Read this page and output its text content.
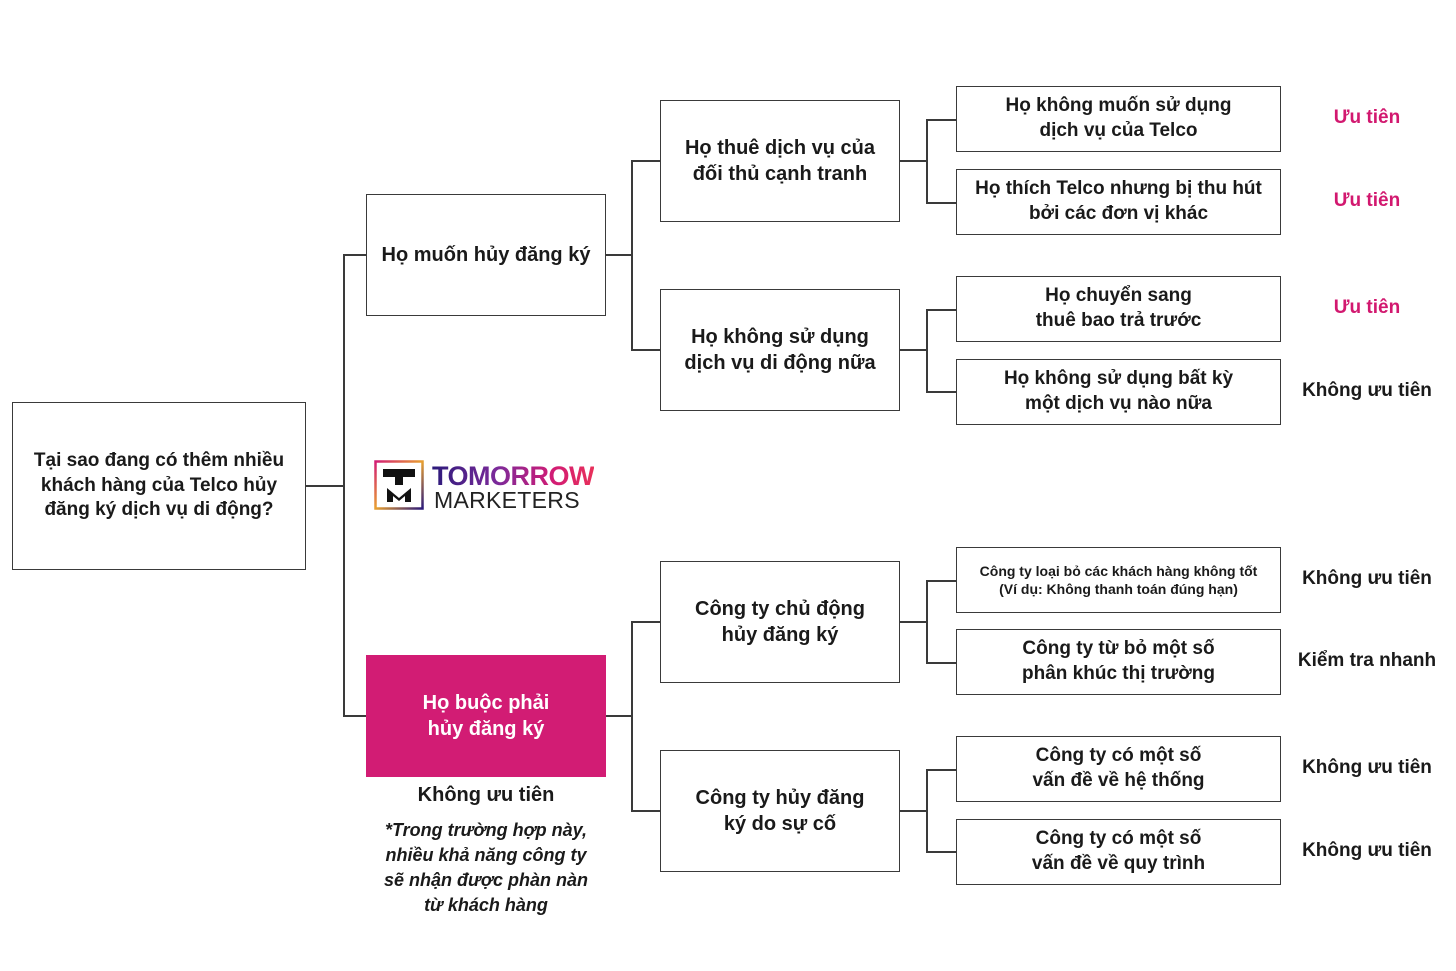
Tại sao đang có thêm nhiều
khách hàng của Telco hủy
đăng ký dịch vụ di động?
Họ muốn hủy đăng ký
Họ buộc phải
hủy đăng ký
Họ thuê dịch vụ của
đối thủ cạnh tranh
Họ không sử dụng
dịch vụ di động nữa
Công ty chủ động
hủy đăng ký
Công ty hủy đăng
ký do sự cố
Họ không muốn sử dụng
dịch vụ của Telco
Họ thích Telco nhưng bị thu hút
bởi các đơn vị khác
Họ chuyển sang
thuê bao trả trước
Họ không sử dụng bất kỳ
một dịch vụ nào nữa
Công ty loại bỏ các khách hàng không tốt
(Ví dụ: Không thanh toán đúng hạn)
Công ty từ bỏ một số
phân khúc thị trường
Công ty có một số
vấn đề về hệ thống
Công ty có một số
vấn đề về quy trình
Ưu tiên
Ưu tiên
Ưu tiên
Không ưu tiên
Không ưu tiên
Kiểm tra nhanh
Không ưu tiên
Không ưu tiên
Không ưu tiên
*Trong trường hợp này,
nhiều khả năng công ty
sẽ nhận được phàn nàn
từ khách hàng
TOMORROW
MARKETERS
